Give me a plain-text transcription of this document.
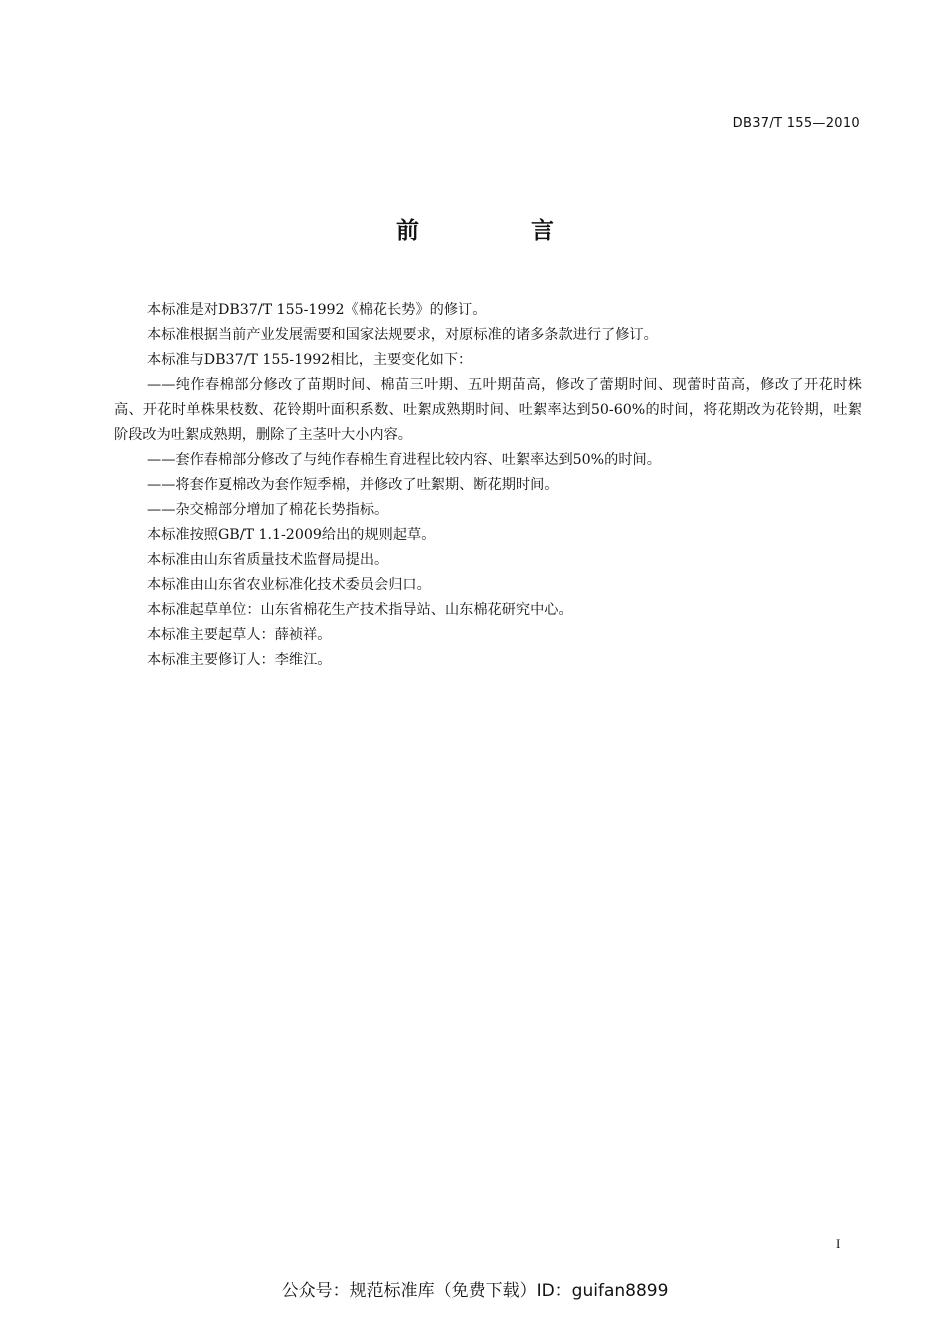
DB37/T 155—2010
前 言

本标准是对DB37/T 155-1992《棉花长势》的修订。

本标准根据当前产业发展需要和国家法规要求，对原标准的诸多条款进行了修订。

本标准与DB37/T 155-1992相比，主要变化如下：

——纯作春棉部分修改了苗期时间、棉苗三叶期、五叶期苗高，修改了蕾期时间、现蕾时苗高，修改了开花时株高、开花时单株果枝数、花铃期叶面积系数、吐絮成熟期时间、吐絮率达到50-60%的时间，将花期改为花铃期，吐絮阶段改为吐絮成熟期，删除了主茎叶大小内容。

——套作春棉部分修改了与纯作春棉生育进程比较内容、吐絮率达到50%的时间。

——将套作夏棉改为套作短季棉，并修改了吐絮期、断花期时间。

——杂交棉部分增加了棉花长势指标。

本标准按照GB/T 1.1-2009给出的规则起草。

本标准由山东省质量技术监督局提出。

本标准由山东省农业标准化技术委员会归口。

本标准起草单位：山东省棉花生产技术指导站、山东棉花研究中心。

本标准主要起草人：薛祯祥。

本标准主要修订人：李维江。

I
公众号：规范标准库（免费下载）ID：guifan8899
